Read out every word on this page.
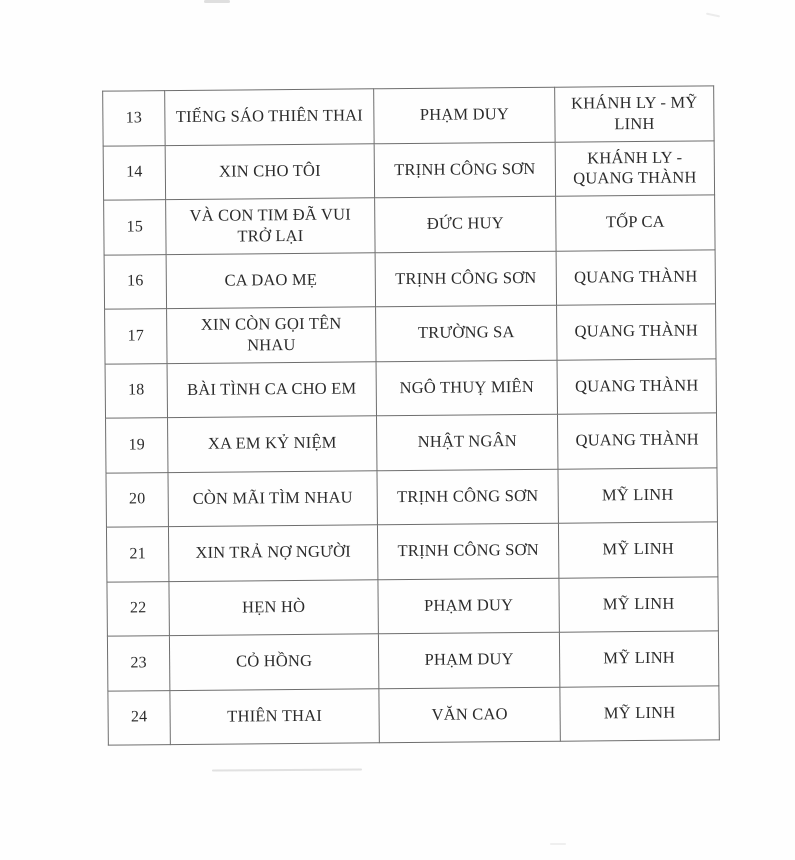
13	TIẾNG SÁO THIÊN THAI	PHẠM DUY	KHÁNH LY - MỸ
LINH
14	XIN CHO TÔI	TRỊNH CÔNG SƠN	KHÁNH LY -
QUANG THÀNH
15	VÀ CON TIM ĐÃ VUI
TRỞ LẠI	ĐỨC HUY	TỐP CA
16	CA DAO MẸ	TRỊNH CÔNG SƠN	QUANG THÀNH
17	XIN CÒN GỌI TÊN
NHAU	TRƯỜNG SA	QUANG THÀNH
18	BÀI TÌNH CA CHO EM	NGÔ THUỴ MIÊN	QUANG THÀNH
19	XA EM KỶ NIỆM	NHẬT NGÂN	QUANG THÀNH
20	CÒN MÃI TÌM NHAU	TRỊNH CÔNG SƠN	MỸ LINH
21	XIN TRẢ NỢ NGƯỜI	TRỊNH CÔNG SƠN	MỸ LINH
22	HẸN HÒ	PHẠM DUY	MỸ LINH
23	CỎ HỒNG	PHẠM DUY	MỸ LINH
24	THIÊN THAI	VĂN CAO	MỸ LINH
